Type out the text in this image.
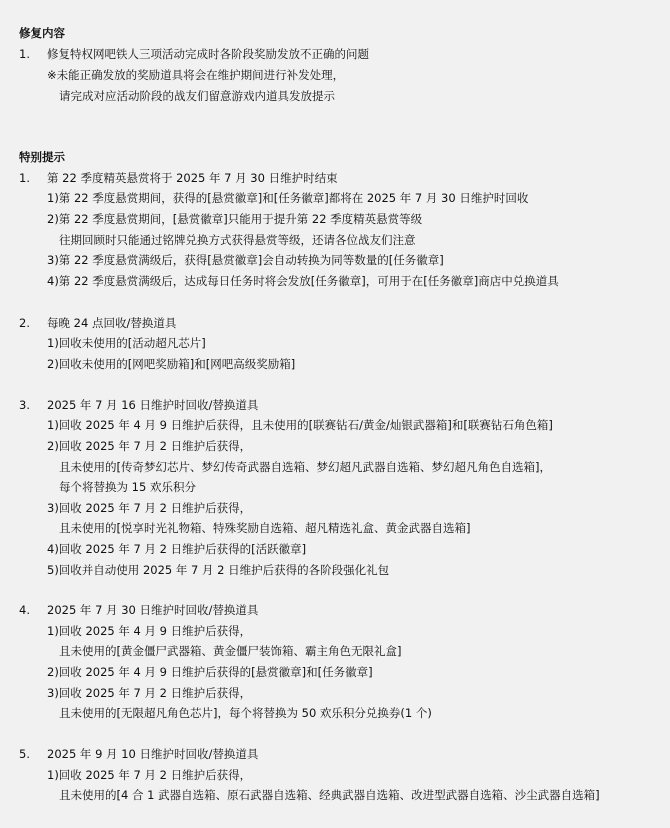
修复内容
1. 修复特权网吧铁人三项活动完成时各阶段奖励发放不正确的问题
※未能正确发放的奖励道具将会在维护期间进行补发处理，
请完成对应活动阶段的战友们留意游戏内道具发放提示
特别提示
1. 第 22 季度精英悬赏将于 2025 年 7 月 30 日维护时结束
1)第 22 季度悬赏期间，获得的[悬赏徽章]和[任务徽章]都将在 2025 年 7 月 30 日维护时回收
2)第 22 季度悬赏期间，[悬赏徽章]只能用于提升第 22 季度精英悬赏等级
往期回顾时只能通过铭牌兑换方式获得悬赏等级，还请各位战友们注意
3)第 22 季度悬赏满级后，获得[悬赏徽章]会自动转换为同等数量的[任务徽章]
4)第 22 季度悬赏满级后，达成每日任务时将会发放[任务徽章]，可用于在[任务徽章]商店中兑换道具
2. 每晚 24 点回收/替换道具
1)回收未使用的[活动超凡芯片]
2)回收未使用的[网吧奖励箱]和[网吧高级奖励箱]
3. 2025 年 7 月 16 日维护时回收/替换道具
1)回收 2025 年 4 月 9 日维护后获得，且未使用的[联赛钻石/黄金/灿银武器箱]和[联赛钻石角色箱]
2)回收 2025 年 7 月 2 日维护后获得，
且未使用的[传奇梦幻芯片、梦幻传奇武器自选箱、梦幻超凡武器自选箱、梦幻超凡角色自选箱]，
每个将替换为 15 欢乐积分
3)回收 2025 年 7 月 2 日维护后获得，
且未使用的[悦享时光礼物箱、特殊奖励自选箱、超凡精选礼盒、黄金武器自选箱]
4)回收 2025 年 7 月 2 日维护后获得的[活跃徽章]
5)回收并自动使用 2025 年 7 月 2 日维护后获得的各阶段强化礼包
4. 2025 年 7 月 30 日维护时回收/替换道具
1)回收 2025 年 4 月 9 日维护后获得，
且未使用的[黄金僵尸武器箱、黄金僵尸装饰箱、霸主角色无限礼盒]
2)回收 2025 年 4 月 9 日维护后获得的[悬赏徽章]和[任务徽章]
3)回收 2025 年 7 月 2 日维护后获得，
且未使用的[无限超凡角色芯片]，每个将替换为 50 欢乐积分兑换券(1 个)
5. 2025 年 9 月 10 日维护时回收/替换道具
1)回收 2025 年 7 月 2 日维护后获得，
且未使用的[4 合 1 武器自选箱、原石武器自选箱、经典武器自选箱、改进型武器自选箱、沙尘武器自选箱]
